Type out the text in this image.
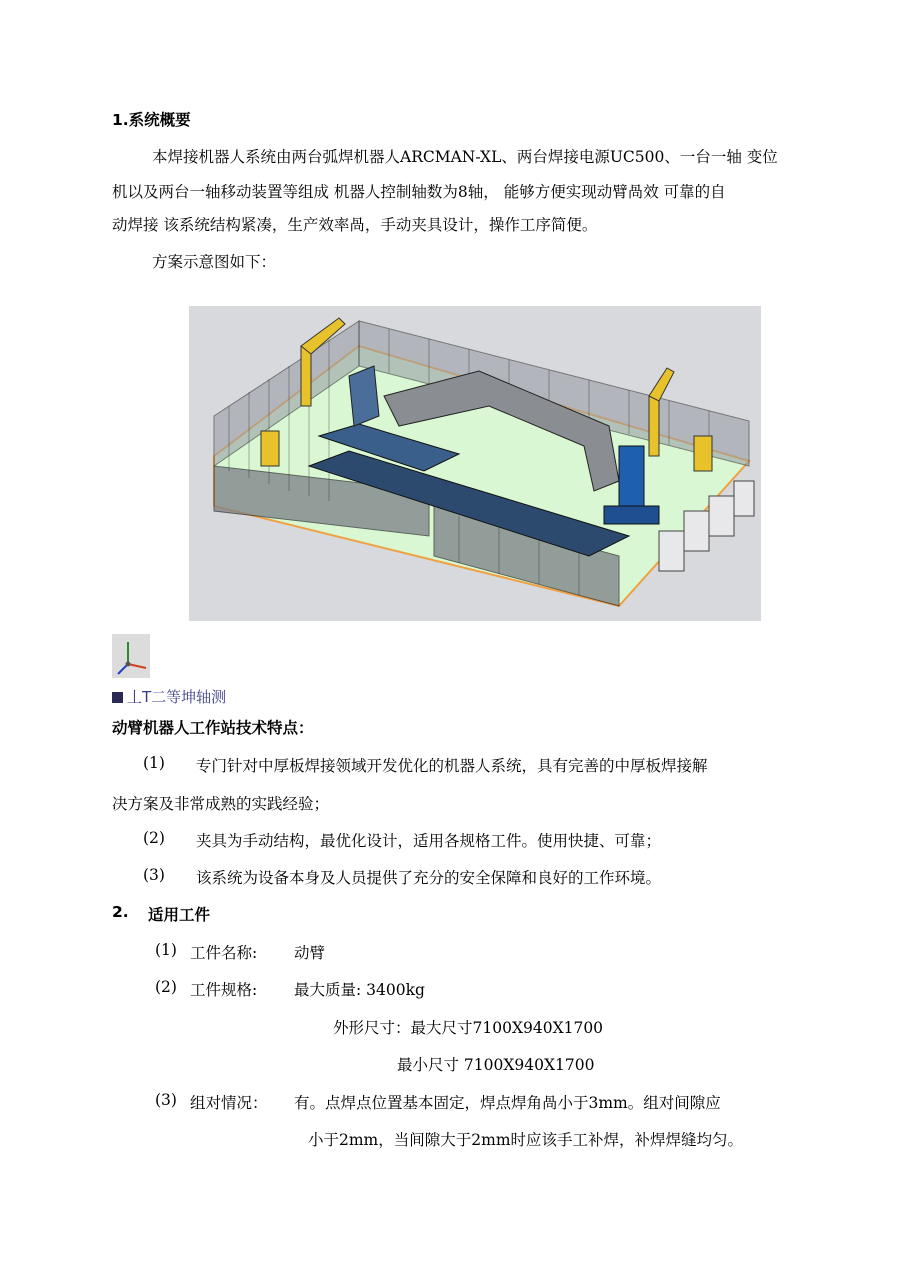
1.系统概要
本焊接机器人系统由两台弧焊机器人ARCMAN-XL、两台焊接电源UC500、一台一轴 变位
机以及两台一轴移动装置等组成 机器人控制轴数为8轴， 能够方便实现动臂咼效 可靠的自
动焊接 该系统结构紧凑，生产效率咼，手动夹具设计，操作工序简便。
方案示意图如下：
丄T二等坤轴测
动臂机器人工作站技术特点：
(1) 专门针对中厚板焊接领域开发优化的机器人系统，具有完善的中厚板焊接解
决方案及非常成熟的实践经验；
(2) 夹具为手动结构，最优化设计，适用各规格工件。使用快捷、可靠；
(3) 该系统为设备本身及人员提供了充分的安全保障和良好的工作环境。
2. 适用工件
(1) 工件名称: 动臂
(2) 工件规格: 最大质量: 3400kg
外形尺寸：最大尺寸7100X940X1700
最小尺寸 7100X940X1700
(3) 组对情况： 有。点焊点位置基本固定，焊点焊角咼小于3mm。组对间隙应
小于2mm，当间隙大于2mm时应该手工补焊，补焊焊缝均匀。
